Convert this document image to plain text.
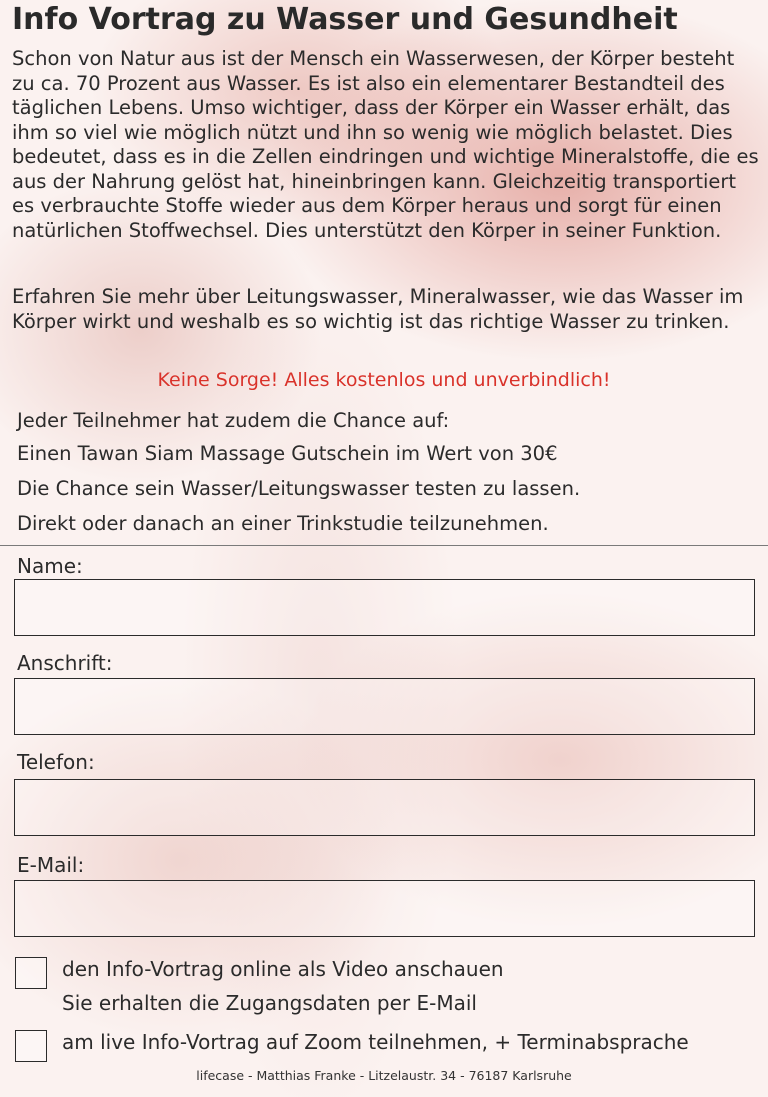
Info Vortrag zu Wasser und Gesundheit
Schon von Natur aus ist der Mensch ein Wasserwesen, der Körper besteht zu ca. 70 Prozent aus Wasser. Es ist also ein elementarer Bestandteil des täglichen Lebens. Umso wichtiger, dass der Körper ein Wasser erhält, das ihm so viel wie möglich nützt und ihn so wenig wie möglich belastet. Dies bedeutet, dass es in die Zellen eindringen und wichtige Mineralstoffe, die es aus der Nahrung gelöst hat, hineinbringen kann. Gleichzeitig transportiert es verbrauchte Stoffe wieder aus dem Körper heraus und sorgt für einen natürlichen Stoffwechsel. Dies unterstützt den Körper in seiner Funktion.
Erfahren Sie mehr über Leitungswasser, Mineralwasser, wie das Wasser im Körper wirkt und weshalb es so wichtig ist das richtige Wasser zu trinken.
Keine Sorge! Alles kostenlos und unverbindlich!
Jeder Teilnehmer hat zudem die Chance auf:
Einen Tawan Siam Massage Gutschein im Wert von 30€
Die Chance sein Wasser/Leitungswasser testen zu lassen.
Direkt oder danach an einer Trinkstudie teilzunehmen.
Name:
Anschrift:
Telefon:
E-Mail:
den Info-Vortrag online als Video anschauen
Sie erhalten die Zugangsdaten per E-Mail
am live Info-Vortrag auf Zoom teilnehmen, + Terminabsprache
lifecase - Matthias Franke - Litzelaustr. 34 - 76187 Karlsruhe
